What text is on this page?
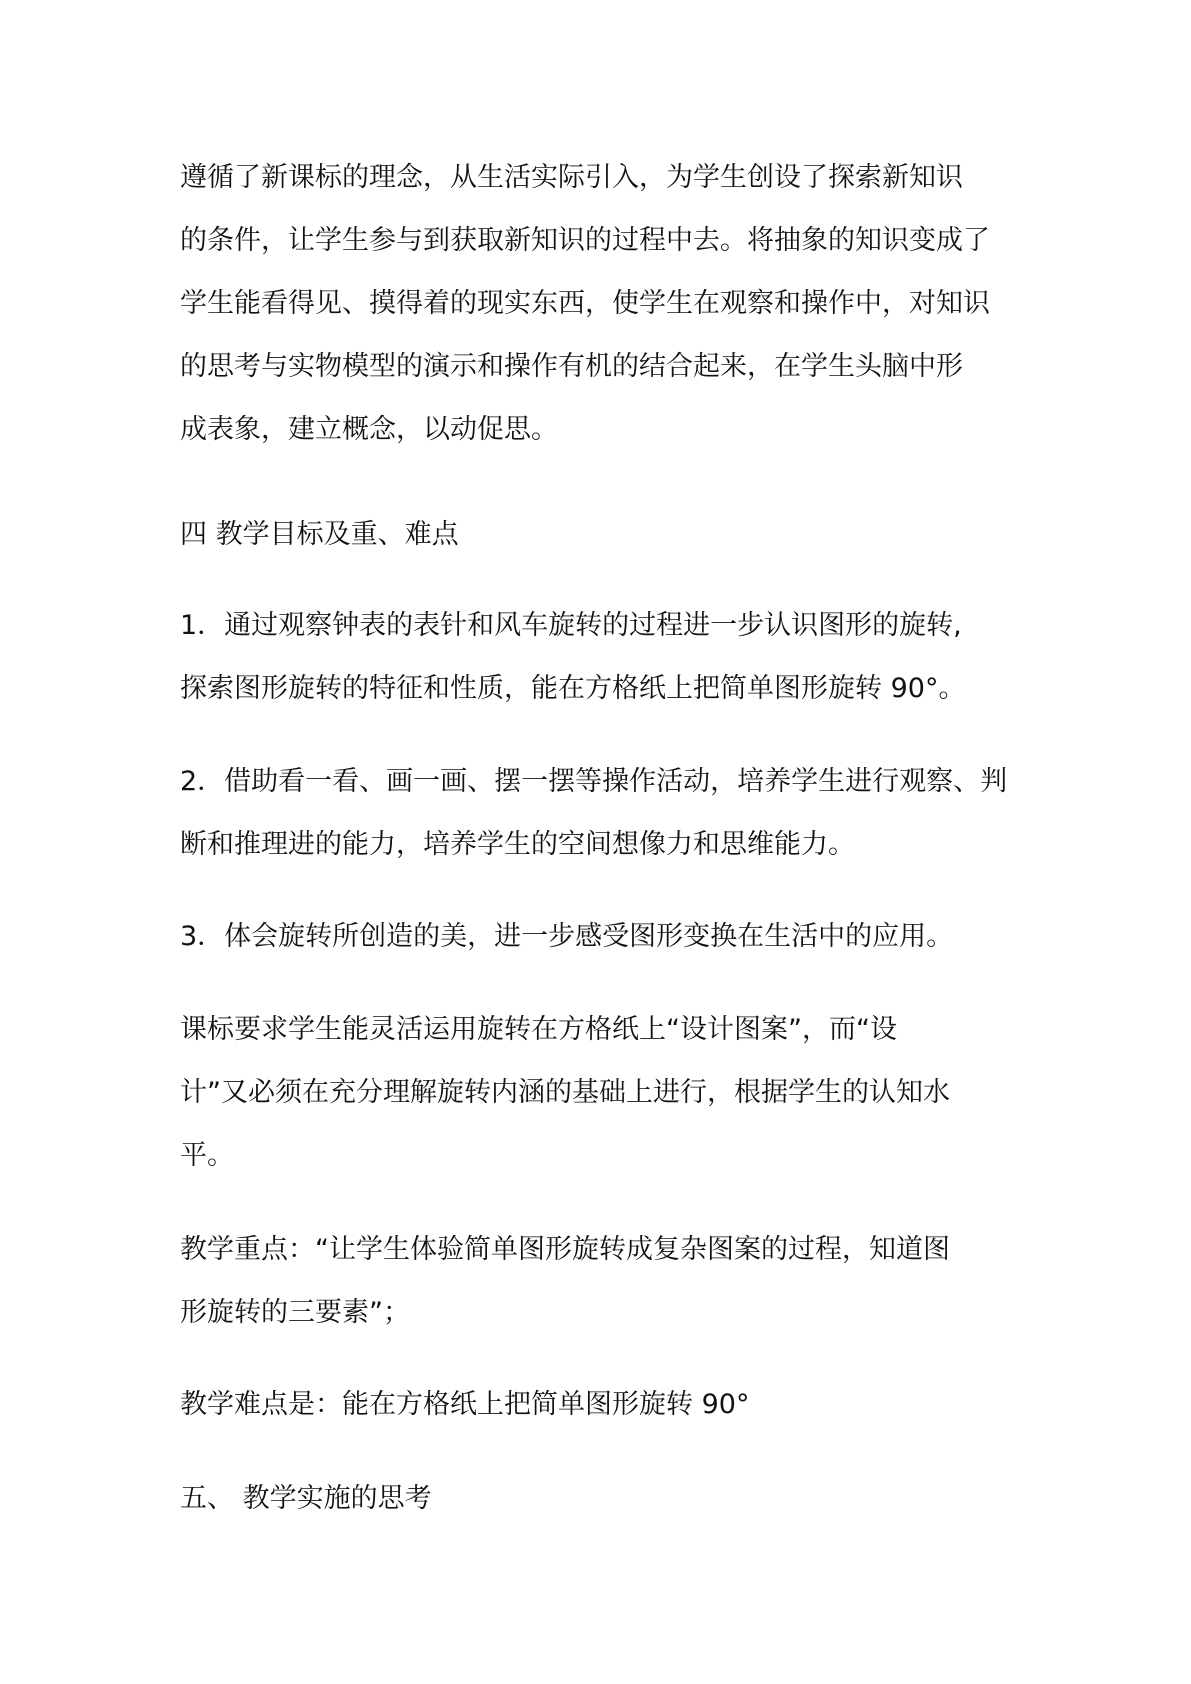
遵循了新课标的理念，从生活实际引入，为学生创设了探索新知识
的条件，让学生参与到获取新知识的过程中去。将抽象的知识变成了
学生能看得见、摸得着的现实东西，使学生在观察和操作中，对知识
的思考与实物模型的演示和操作有机的结合起来，在学生头脑中形
成表象，建立概念，以动促思。
四 教学目标及重、难点
1．通过观察钟表的表针和风车旋转的过程进一步认识图形的旋转,
探索图形旋转的特征和性质，能在方格纸上把简单图形旋转 90°。
2．借助看一看、画一画、摆一摆等操作活动，培养学生进行观察、判
断和推理进的能力，培养学生的空间想像力和思维能力。
3．体会旋转所创造的美，进一步感受图形变换在生活中的应用。
课标要求学生能灵活运用旋转在方格纸上“设计图案”，而“设
计”又必须在充分理解旋转内涵的基础上进行，根据学生的认知水
平。
教学重点：“让学生体验简单图形旋转成复杂图案的过程，知道图
形旋转的三要素”；
教学难点是：能在方格纸上把简单图形旋转 90°
五、 教学实施的思考
